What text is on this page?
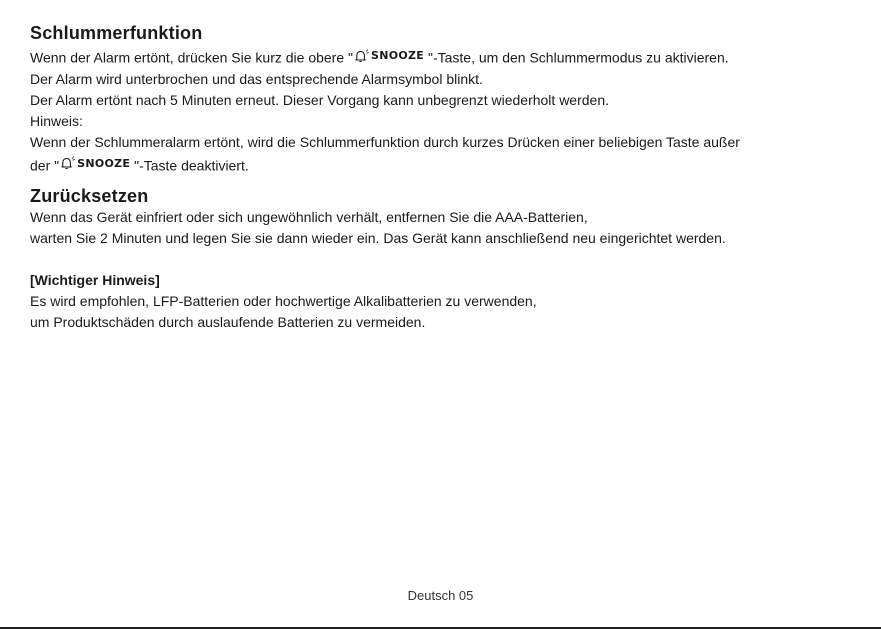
Schlummerfunktion

Wenn der Alarm ertönt, drücken Sie kurz die obere " SNOOZE "-Taste, um den Schlummermodus zu aktivieren.

Der Alarm wird unterbrochen und das entsprechende Alarmsymbol blinkt.

Der Alarm ertönt nach 5 Minuten erneut. Dieser Vorgang kann unbegrenzt wiederholt werden.

Hinweis:

Wenn der Schlummeralarm ertönt, wird die Schlummerfunktion durch kurzes Drücken einer beliebigen Taste außer

der " SNOOZE "-Taste deaktiviert.

Zurücksetzen

Wenn das Gerät einfriert oder sich ungewöhnlich verhält, entfernen Sie die AAA-Batterien,

warten Sie 2 Minuten und legen Sie sie dann wieder ein. Das Gerät kann anschließend neu eingerichtet werden.

[Wichtiger Hinweis]

Es wird empfohlen, LFP-Batterien oder hochwertige Alkalibatterien zu verwenden,

um Produktschäden durch auslaufende Batterien zu vermeiden.

Deutsch 05
